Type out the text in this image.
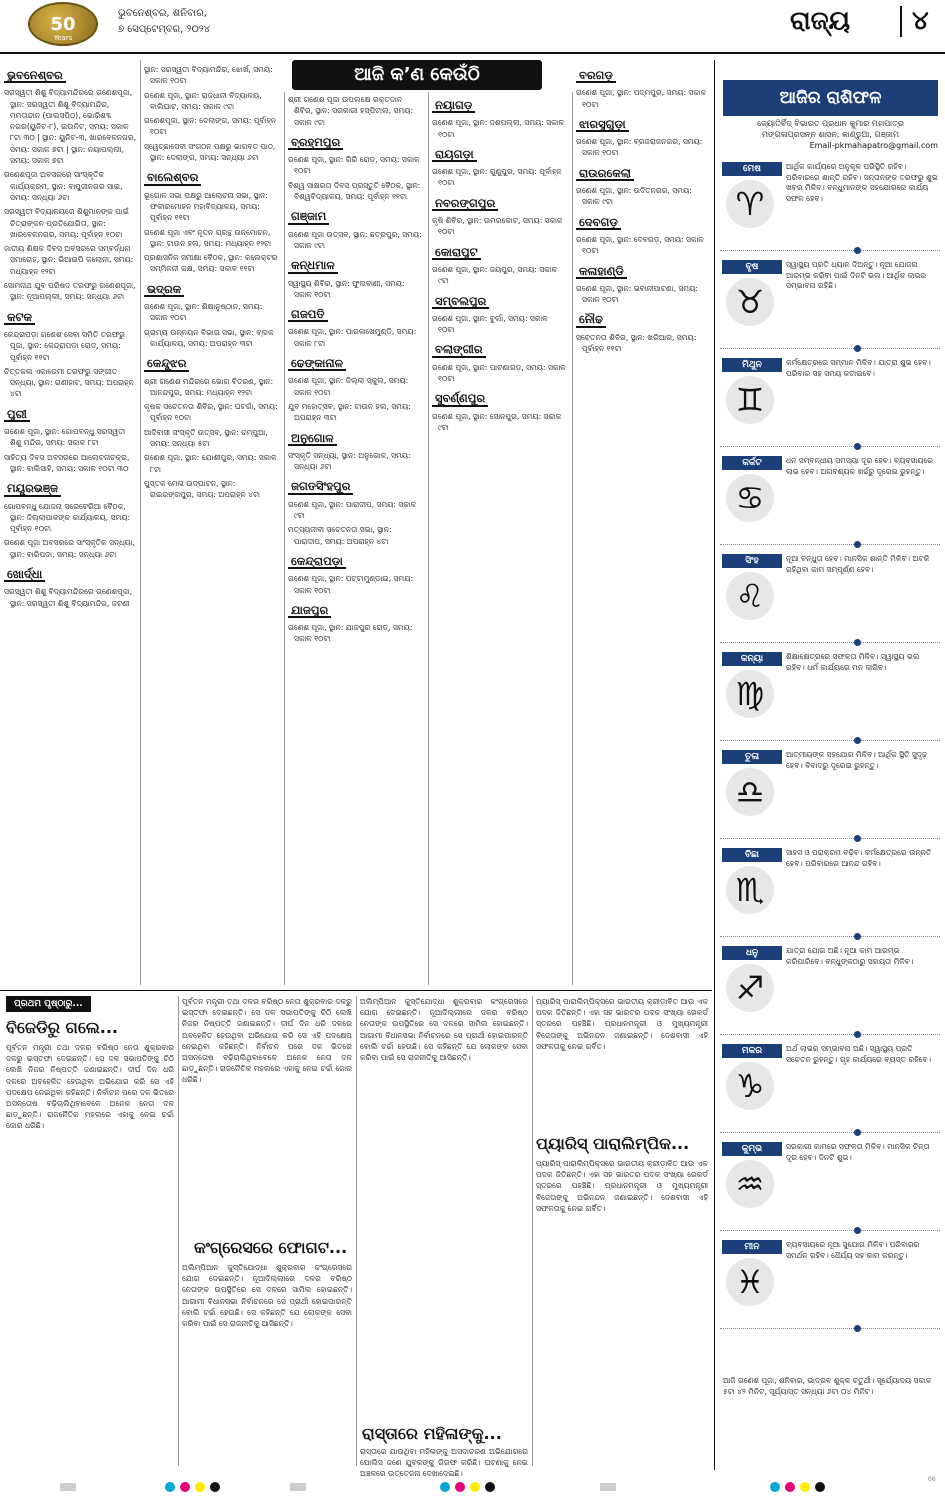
50
Years
ଭୁବନେଶ୍ବର, ଶନିବାର,
୭ ସେପ୍ଟେମ୍ବର, ୨୦୨୪	ରାଜ୍ୟ	୪
ଆଜି କ’ଣ କେଉଁଠି
ଭୁବନେଶ୍ବର
ସରସ୍ୱତୀ ଶିଶୁ ବିଦ୍ୟାମନ୍ଦିରରେ ଗଣେଶପୂଜା, ସ୍ଥାନ: ସରସ୍ୱତୀ ଶିଶୁ ବିଦ୍ୟାମନ୍ଦିର, ମମତାନ୍ଦାନ (ପାଲସପିଠ), ଭୋରିଶବ୍ଦ ନଗର(ୟୁନିଟ-୮), ଇଉନିଟ, ସମୟ: ସକାଳ ୮ଟା ୩୦ | ସ୍ଥାନ: ୟୁନିଟ-୩, ଖାରବେଳନଗର, ସମୟ: ସକାଳ ୭ଟା | ସ୍ଥାନ: ନୟାପଲ୍ଲୀ, ସମୟ: ସକାଳ ୭ଟା
ଗଣେଶପୂଜା ଅବସରରେ ସାଂସ୍କୃତିକ କାର୍ଯ୍ୟକ୍ରମ, ସ୍ଥାନ: ବାପୁଜୀନଗର ସାଇ, ସମୟ: ସନ୍ଧ୍ୟା ୬ଟା
ସରସ୍ୱତୀ ବିଦ୍ୟାଳୟରେ ଶିଶୁମାନଙ୍କ ପାଇଁ ଚିତ୍ରାଙ୍କନ ପ୍ରତିଯୋଗିତା, ସ୍ଥାନ: ଖାରବେଳନଗର, ସମୟ: ପୂର୍ବାହ୍ନ ୧୦ଟା
ଜାତୀୟ ଶିକ୍ଷକ ଦିବସ ଅବସରରେ ସମ୍ବର୍ଦ୍ଧନା ସମାରୋହ, ସ୍ଥାନ: ଭିଆଇପି କଲୋନୀ, ସମୟ: ମଧ୍ୟାହ୍ନ ୧୨ଟା
ସୋମନାଥ ଯୁବ ପରିଷଦ ତରଫରୁ ଗଣେଶପୂଜା, ସ୍ଥାନ: ନୂଆପଲ୍ଲୀ, ସମୟ: ସନ୍ଧ୍ୟା ୬ଟା
କଟକ
କେନ୍ଦ୍ରାପଡ଼ା ଗଣେଶ ସେବା ସମିତି ତରଫରୁ ପୂଜା, ସ୍ଥାନ: କେନ୍ଦ୍ରାପଡ଼ା ରୋଡ୍, ସମୟ: ପୂର୍ବାହ୍ନ ୧୧ଟା
ଚିତ୍ତକଳା ଏକାଡେମୀ ତରଫରୁ ସଙ୍ଗୀତ ସନ୍ଧ୍ୟା, ସ୍ଥାନ: ରାଣୀହାଟ, ସମୟ: ଅପରାହ୍ନ ୪ଟା
ପୁରୀ
ଗଣେଶ ପୂଜା, ସ୍ଥାନ: ଗୋପବନ୍ଧୁ ସରସ୍ୱତୀ ଶିଶୁ ମନ୍ଦିର, ସମୟ: ସକାଳ ୮ଟା
ସାହିତ୍ୟ ଦିବସ ଅବସରରେ ଆଲୋଚନାଚକ୍ର, ସ୍ଥାନ: ବାଲିସାହି, ସମୟ: ସକାଳ ୧୦ଟା ୩୦
ମୟୂରଭଞ୍ଜ
ଗୋପବନ୍ଧୁ ଯୋଜନା ସରେଟେରିଆ ବୈଠକ, ସ୍ଥାନ: ଜିଲ୍ଲାପାଳଙ୍କ କାର୍ଯ୍ୟାଳୟ, ସମୟ: ପୂର୍ବାହ୍ନ ୧୦ଟା
ଗଣେଶ ପୂଜା ଅବସରରେ ସାଂସ୍କୃତିକ ସନ୍ଧ୍ୟା, ସ୍ଥାନ: ବାରିପଦା, ସମୟ: ସନ୍ଧ୍ୟା ୬ଟା
ଖୋର୍ଦ୍ଧା
ସରସ୍ୱତୀ ଶିଶୁ ବିଦ୍ୟାମନ୍ଦିରରେ ଗଣେଶପୂଜା, ସ୍ଥାନ: ସରସ୍ୱତୀ ଶିଶୁ ବିଦ୍ୟାମନ୍ଦିର, ଜଟଣୀ
ସ୍ଥାନ: ସରସ୍ୱତୀ ବିଦ୍ୟାମନ୍ଦିର, ଝୋର୍ଖ, ସମୟ: ସକାଳ ୧୦ଟା
ଗଣେଶ ପୂଜା, ସ୍ଥାନ: ରାଜଧାନୀ ବିଦ୍ୟାଳୟ, ବାଲିଘାଟ, ସମୟ: ସକାଳ ୯ଟା
ଗଣେଶପୂଜା, ସ୍ଥାନ: ଦେଲାଙ୍ଗ, ସମୟ: ପୂର୍ବାହ୍ନ ୧୦ଟା
ସ୍ୱେଚ୍ଛାସେବୀ ସଂଗଠନ ପକ୍ଷରୁ ଭାଗବତ ପାଠ, ସ୍ଥାନ: ଦେଲାଙ୍ଗ, ସମୟ: ସନ୍ଧ୍ୟା ୬ଟା
ବାଲେଶ୍ବର
ଭୂଗୋଳ ସଭା ପକ୍ଷରୁ ଆଲୋଚନା ସଭା, ସ୍ଥାନ: ଫକୀରମୋହନ ମହାବିଦ୍ୟାଳୟ, ସମୟ: ପୂର୍ବାହ୍ନ ୧୧ଟା
ଗଣେଶ ପୂଜା ଏବଂ ନୂତନ ଗ୍ରନ୍ଥ ଉନ୍ମୋଚନ, ସ୍ଥାନ: ଟାଉନ ହଲ, ସମୟ: ମଧ୍ୟାହ୍ନ ୧୨ଟା
ପ୍ରଶାସନିକ ସମୀକ୍ଷା ବୈଠକ, ସ୍ଥାନ: କଲେକ୍ଟର ସମ୍ମିଳନୀ କକ୍ଷ, ସମୟ: ସକାଳ ୧୧ଟା
ଭଦ୍ରକ
ଗଣେଶ ପୂଜା, ସ୍ଥାନ: ଶିକ୍ଷାନୁଷ୍ଠାନ, ସମୟ: ସକାଳ ୧୦ଟା
ଗ୍ରାମ୍ୟ ଉନ୍ନୟନ ବିଭାଗ ସଭା, ସ୍ଥାନ: ବ୍ଲକ କାର୍ଯ୍ୟାଳୟ, ସମୟ: ଅପରାହ୍ନ ୩ଟା
କେନ୍ଦୁଝର
ଶ୍ରୀ ଗଣେଶ ମନ୍ଦିରରେ ଭୋଗ ବିତରଣ, ସ୍ଥାନ: ଆନନ୍ଦପୁର, ସମୟ: ମଧ୍ୟାହ୍ନ ୧୨ଟା
କୃଷକ ସଚେତନତା ଶିବିର, ସ୍ଥାନ: ଘଟଗାଁ, ସମୟ: ପୂର୍ବାହ୍ନ ୧୦ଟା
ଆଦିବାସୀ ସଂସ୍କୃତି ଉତ୍ସବ, ସ୍ଥାନ: ଚମ୍ପୁଆ, ସମୟ: ସନ୍ଧ୍ୟା ୫ଟା
ଗଣେଶ ପୂଜା, ସ୍ଥାନ: ଯୋଶୀପୁର, ସମୟ: ସକାଳ ୮ଟା
ପୁସ୍ତକ ମେଳା ଉଦ୍‌ଘାଟନ, ସ୍ଥାନ: ରାଇରଙ୍ଗପୁର, ସମୟ: ଅପରାହ୍ନ ୪ଟା
ଶ୍ରୀ ଗଣେଶ ପୂଜା ଉପଲକ୍ଷେ ରକ୍ତଦାନ ଶିବିର, ସ୍ଥାନ: ସରକାରୀ ହସ୍ପିଟାଲ, ସମୟ: ସକାଳ ୯ଟା
ବ୍ରହ୍ମପୁର
ଗଣେଶ ପୂଜା, ସ୍ଥାନ: ଗିରି ରୋଡ଼, ସମୟ: ସକାଳ ୧୦ଟା
ବିଶ୍ୱ ସାକ୍ଷରତା ଦିବସ ପ୍ରସ୍ତୁତି ବୈଠକ, ସ୍ଥାନ: ବିଶ୍ୱବିଦ୍ୟାଳୟ, ସମୟ: ପୂର୍ବାହ୍ନ ୧୧ଟା
ଗଞ୍ଜାମ
ଗଣେଶ ପୂଜା ଉତ୍ସବ, ସ୍ଥାନ: ଛତ୍ରପୁର, ସମୟ: ସକାଳ ୯ଟା
କନ୍ଧମାଳ
ସ୍ୱାସ୍ଥ୍ୟ ଶିବିର, ସ୍ଥାନ: ଫୁଲବାଣୀ, ସମୟ: ସକାଳ ୧୦ଟା
ଗଜପତି
ଗଣେଶ ପୂଜା, ସ୍ଥାନ: ପାରଳାଖେମୁଣ୍ଡି, ସମୟ: ସକାଳ ୮ଟା
ଢେଙ୍କାନାଳ
ଗଣେଶ ପୂଜା, ସ୍ଥାନ: ଜିଲ୍ଲା ସ୍କୁଲ, ସମୟ: ସକାଳ ୧୦ଟା
ଯୁବ ମହୋତ୍ସବ, ସ୍ଥାନ: ଟାଉନ ହଲ, ସମୟ: ଅପରାହ୍ନ ୩ଟା
ଅନୁଗୋଳ
ସଂସ୍କୃତି ସନ୍ଧ୍ୟା, ସ୍ଥାନ: ଅନୁଗୋଳ, ସମୟ: ସନ୍ଧ୍ୟା ୬ଟା
ଜଗତସିଂହପୁର
ଗଣେଶ ପୂଜା, ସ୍ଥାନ: ପାରାଦୀପ, ସମୟ: ସକାଳ ୯ଟା
ମତ୍ସ୍ୟଜୀବୀ ସଚେତନତା ସଭା, ସ୍ଥାନ: ପାରାଦୀପ, ସମୟ: ଅପରାହ୍ନ ୪ଟା
କେନ୍ଦ୍ରାପଡ଼ା
ଗଣେଶ ପୂଜା, ସ୍ଥାନ: ପଟ୍ଟାମୁଣ୍ଡାଇ, ସମୟ: ସକାଳ ୧୦ଟା
ଯାଜପୁର
ଗଣେଶ ପୂଜା, ସ୍ଥାନ: ଯାଜପୁର ରୋଡ୍, ସମୟ: ସକାଳ ୧୦ଟା
ନୟାଗଡ଼
ଗଣେଶ ପୂଜା, ସ୍ଥାନ: ଦଶପଲ୍ଲା, ସମୟ: ସକାଳ ୧୦ଟା
ରାୟଗଡ଼ା
ଗଣେଶ ପୂଜା, ସ୍ଥାନ: ଗୁଣୁପୁର, ସମୟ: ପୂର୍ବାହ୍ନ ୧୦ଟା
ନବରଙ୍ଗପୁର
କୃଷି ଶିବିର, ସ୍ଥାନ: ଉମରକୋଟ, ସମୟ: ସକାଳ ୧୦ଟା
କୋରାପୁଟ
ଗଣେଶ ପୂଜା, ସ୍ଥାନ: ଜୟପୁର, ସମୟ: ସକାଳ ୯ଟା
ସମ୍ବଲପୁର
ଗଣେଶ ପୂଜା, ସ୍ଥାନ: ବୁର୍ଲା, ସମୟ: ସକାଳ ୧୦ଟା
ବଲାଙ୍ଗୀର
ଗଣେଶ ପୂଜା, ସ୍ଥାନ: ପାଟଣାଗଡ଼, ସମୟ: ସକାଳ ୧୦ଟା
ସୁବର୍ଣ୍ଣପୁର
ଗଣେଶ ପୂଜା, ସ୍ଥାନ: ସୋନପୁର, ସମୟ: ସକାଳ ୯ଟା
ବରଗଡ଼
ଗଣେଶ ପୂଜା, ସ୍ଥାନ: ପଦ୍ମପୁର, ସମୟ: ସକାଳ ୧୦ଟା
ଝାରସୁଗୁଡ଼ା
ଗଣେଶ ପୂଜା, ସ୍ଥାନ: ବ୍ରଜରାଜନଗର, ସମୟ: ସକାଳ ୧୦ଟା
ରାଉରକେଲା
ଗଣେଶ ପୂଜା, ସ୍ଥାନ: ଉଦିତନଗର, ସମୟ: ସକାଳ ୯ଟା
ଦେବଗଡ଼
ଗଣେଶ ପୂଜା, ସ୍ଥାନ: ଦେବଗଡ଼, ସମୟ: ସକାଳ ୧୦ଟା
କଳାହାଣ୍ଡି
ଗଣେଶ ପୂଜା, ସ୍ଥାନ: ଭବାନୀପାଟଣା, ସମୟ: ସକାଳ ୧୦ଟା
ନୌଢ
ସଚେତନତା ଶିବିର, ସ୍ଥାନ: ଖରିଆର, ସମୟ: ପୂର୍ବାହ୍ନ ୧୧ଟା
ଆଜିର ରାଶିଫଳ
ଜ୍ୟୋତିର୍ବିଦ୍‌ ବିଭାରତ ପ୍ରଧାନ କୁମାର ମହାପାତ୍ର
ମଙ୍ଗଳାପ୍ରସନ୍ନ ଶାସନ, କାଣ୍ଡୁଆ, ଗଞ୍ଜାମ
Email-pkmahapatro@gmail.com
ମେଷ
♈
ଆର୍ଥିକ କାର୍ଯ୍ୟରେ ଅନୁକୂଳ ପରିସ୍ଥିତି ରହିବ। ପରିବାରରେ ଶାନ୍ତି ରହିବ। ସନ୍ତାନଙ୍କ ତରଫରୁ ଶୁଭ ଖବର ମିଳିବ। ବନ୍ଧୁମାନଙ୍କ ସହଯୋଗରେ କାର୍ଯ୍ୟ ସଫଳ ହେବ।
ବୃଷ
♉
ସ୍ୱାସ୍ଥ୍ୟ ପ୍ରତି ଧ୍ୟାନ ଦିଅନ୍ତୁ। ନୂଆ ଯୋଜନା ଆରମ୍ଭ କରିବା ପାଇଁ ଦିନଟି ଭଲ। ଆର୍ଥିକ ଲାଭର ସମ୍ଭାବନା ରହିଛି।
ମିଥୁନ
♊
କର୍ମକ୍ଷେତ୍ରରେ ସମ୍ମାନ ମିଳିବ। ଯାତ୍ରା ଶୁଭ ହେବ। ପରିବାର ସହ ସମୟ କଟାଇବେ।
କର୍କଟ
♋
ଧନ ସମ୍ବନ୍ଧୀୟ ସମସ୍ୟା ଦୂର ହେବ। ବ୍ୟବସାୟରେ ଲାଭ ହେବ। ଅନାବଶ୍ୟକ ଖର୍ଚ୍ଚରୁ ଦୂରେଇ ରୁହନ୍ତୁ।
ସିଂହ
♌
ନୂଆ ବନ୍ଧୁତା ହେବ। ମାନସିକ ଶାନ୍ତି ମିଳିବ। ଅଟକି ରହିଥିବା କାମ ସମ୍ପୂର୍ଣ୍ଣ ହେବ।
କନ୍ୟା
♍
ଶିକ୍ଷାକ୍ଷେତ୍ରରେ ସଫଳତା ମିଳିବ। ସ୍ୱାସ୍ଥ୍ୟ ଭଲ ରହିବ। ଧର୍ମ କାର୍ଯ୍ୟରେ ମନ ଲାଗିବ।
ତୁଳା
♎
ଆତ୍ମୀୟଙ୍କ ସହଯୋଗ ମିଳିବ। ଆର୍ଥିକ ସ୍ଥିତି ସୁଦୃଢ଼ ହେବ। ବିବାଦରୁ ଦୂରେଇ ରୁହନ୍ତୁ।
ବିଛା
♏
ସାହସ ଓ ପରାକ୍ରମ ବଢ଼ିବ। କର୍ମକ୍ଷେତ୍ରରେ ଉନ୍ନତି ହେବ। ପରିବାରରେ ଆନନ୍ଦ ରହିବ।
ଧନୁ
♐
ଯାତ୍ରା ଯୋଗ ଅଛି। ନୂଆ କାମ ଆରମ୍ଭ କରିପାରିବେ। ବନ୍ଧୁଙ୍କଠାରୁ ସହାୟତା ମିଳିବ।
ମକର
♑
ଅର୍ଥ ଲାଭର ସମ୍ଭାବନା ଅଛି। ସ୍ୱାସ୍ଥ୍ୟ ପ୍ରତି ସଚେତନ ରୁହନ୍ତୁ। ଗୃହ କାର୍ଯ୍ୟରେ ବ୍ୟସ୍ତ ରହିବେ।
କୁମ୍ଭ
♒
ସରକାରୀ କାମରେ ସଫଳତା ମିଳିବ। ମାନସିକ ଚିନ୍ତା ଦୂର ହେବ। ଦିନଟି ଶୁଭ।
ମୀନ
♓
ବ୍ୟବସାୟରେ ନୂଆ ସୁଯୋଗ ମିଳିବ। ପରିବାରର ସମର୍ଥନ ରହିବ। ଧୈର୍ଯ୍ୟ ସହ କାମ କରନ୍ତୁ।
ଆଜି ଗଣେଶ ପୂଜା, ଶନିବାର, ଭାଦ୍ରବ ଶୁକ୍ଳ ଚତୁର୍ଥୀ। ସୂର୍ଯ୍ୟୋଦୟ ସକାଳ ୫ଟା ୪୨ ମିନିଟ, ସୂର୍ଯ୍ୟାସ୍ତ ସନ୍ଧ୍ୟା ୬ଟା ୦୪ ମିନିଟ।
ପ୍ରଥମ ପୃଷ୍ଠାରୁ...
ବିଜେଡିରୁ ଗଲେ...
ପୂର୍ବତନ ମନ୍ତ୍ରୀ ତଥା ଦଳର ବରିଷ୍ଠ ନେତା ଶୁକ୍ରବାର ଦଳରୁ ଇସ୍ତଫା ଦେଇଛନ୍ତି। ସେ ଦଳ ସଭାପତିଙ୍କୁ ଚିଠି ଲେଖି ନିଜର ନିଷ୍ପତ୍ତି ଜଣାଇଛନ୍ତି। ଦୀର୍ଘ ଦିନ ଧରି ଦଳରେ ଅବହେଳିତ ହେଉଥିବା ଅଭିଯୋଗ କରି ସେ ଏହି ପଦକ୍ଷେପ ନେଇଥିବା କହିଛନ୍ତି। ନିର୍ବାଚନ ପରେ ଦଳ ଭିତରେ ଅସନ୍ତୋଷ ବଢ଼ିଚାଲିଥିବାବେଳେ ଅନେକ ନେତା ଦଳ ଛାଡ଼ୁଛନ୍ତି। ରାଜନୈତିକ ମହଲରେ ଏହାକୁ ନେଇ ଚର୍ଚ୍ଚା ଜୋର ଧରିଛି।
ପୂର୍ବତନ ମନ୍ତ୍ରୀ ତଥା ଦଳର ବରିଷ୍ଠ ନେତା ଶୁକ୍ରବାର ଦଳରୁ ଇସ୍ତଫା ଦେଇଛନ୍ତି। ସେ ଦଳ ସଭାପତିଙ୍କୁ ଚିଠି ଲେଖି ନିଜର ନିଷ୍ପତ୍ତି ଜଣାଇଛନ୍ତି। ଦୀର୍ଘ ଦିନ ଧରି ଦଳରେ ଅବହେଳିତ ହେଉଥିବା ଅଭିଯୋଗ କରି ସେ ଏହି ପଦକ୍ଷେପ ନେଇଥିବା କହିଛନ୍ତି। ନିର୍ବାଚନ ପରେ ଦଳ ଭିତରେ ଅସନ୍ତୋଷ ବଢ଼ିଚାଲିଥିବାବେଳେ ଅନେକ ନେତା ଦଳ ଛାଡ଼ୁଛନ୍ତି। ରାଜନୈତିକ ମହଲରେ ଏହାକୁ ନେଇ ଚର୍ଚ୍ଚା ଜୋର ଧରିଛି।
କଂଗ୍ରେସରେ ଫୋଗଟ...
ଅଲିମ୍ପିଆନ କୁସ୍ତିଯୋଦ୍ଧା ଶୁକ୍ରବାର କଂଗ୍ରେସରେ ଯୋଗ ଦେଇଛନ୍ତି। ନୂଆଦିଲ୍ଲୀରେ ଦଳର ବରିଷ୍ଠ ନେତାଙ୍କ ଉପସ୍ଥିତିରେ ସେ ଦଳରେ ସାମିଲ ହୋଇଛନ୍ତି। ଆଗାମୀ ବିଧାନସଭା ନିର୍ବାଚନରେ ସେ ପ୍ରାର୍ଥୀ ହୋଇପାରନ୍ତି ବୋଲି ଚର୍ଚ୍ଚା ହେଉଛି। ସେ କହିଛନ୍ତି ଯେ ଲୋକଙ୍କ ସେବା କରିବା ପାଇଁ ସେ ରାଜନୀତିକୁ ଆସିଛନ୍ତି।
ଅଲିମ୍ପିଆନ କୁସ୍ତିଯୋଦ୍ଧା ଶୁକ୍ରବାର କଂଗ୍ରେସରେ ଯୋଗ ଦେଇଛନ୍ତି। ନୂଆଦିଲ୍ଲୀରେ ଦଳର ବରିଷ୍ଠ ନେତାଙ୍କ ଉପସ୍ଥିତିରେ ସେ ଦଳରେ ସାମିଲ ହୋଇଛନ୍ତି। ଆଗାମୀ ବିଧାନସଭା ନିର୍ବାଚନରେ ସେ ପ୍ରାର୍ଥୀ ହୋଇପାରନ୍ତି ବୋଲି ଚର୍ଚ୍ଚା ହେଉଛି। ସେ କହିଛନ୍ତି ଯେ ଲୋକଙ୍କ ସେବା କରିବା ପାଇଁ ସେ ରାଜନୀତିକୁ ଆସିଛନ୍ତି।
ରାସ୍ତାରେ ମହିଳାଙ୍କୁ...
ରାସ୍ତାରେ ଯାଉଥିବା ମହିଳାଙ୍କୁ ଅସଦାଚରଣ ଅଭିଯୋଗରେ ପୋଲିସ ଜଣେ ଯୁବକଙ୍କୁ ଗିରଫ କରିଛି। ଘଟଣାକୁ ନେଇ ଅଞ୍ଚଳରେ ଉତ୍ତେଜନା ଦେଖାଦେଇଛି।
ପ୍ୟାରିସ୍‌ ପାରାଲିମ୍ପିକ୍ସରେ ଭାରତୀୟ କ୍ରୀଡ଼ାବିତ ଆଉ ଏକ ପଦକ ଜିତିଛନ୍ତି। ଏହା ସହ ଭାରତର ପଦକ ସଂଖ୍ୟା ରେକର୍ଡ ସ୍ତରରେ ପହଞ୍ଚିଛି। ପ୍ରଧାନମନ୍ତ୍ରୀ ଓ ମୁଖ୍ୟମନ୍ତ୍ରୀ ବିଜେତାଙ୍କୁ ଅଭିନନ୍ଦନ ଜଣାଇଛନ୍ତି। ଦେଶବାସୀ ଏହି ସଫଳତାକୁ ନେଇ ଗର୍ବିତ।
ପ୍ୟାରିସ୍‌ ପାରାଲିମ୍ପିକ...
ପ୍ୟାରିସ୍‌ ପାରାଲିମ୍ପିକ୍ସରେ ଭାରତୀୟ କ୍ରୀଡ଼ାବିତ ଆଉ ଏକ ପଦକ ଜିତିଛନ୍ତି। ଏହା ସହ ଭାରତର ପଦକ ସଂଖ୍ୟା ରେକର୍ଡ ସ୍ତରରେ ପହଞ୍ଚିଛି। ପ୍ରଧାନମନ୍ତ୍ରୀ ଓ ମୁଖ୍ୟମନ୍ତ୍ରୀ ବିଜେତାଙ୍କୁ ଅଭିନନ୍ଦନ ଜଣାଇଛନ୍ତି। ଦେଶବାସୀ ଏହି ସଫଳତାକୁ ନେଇ ଗର୍ବିତ।
06
